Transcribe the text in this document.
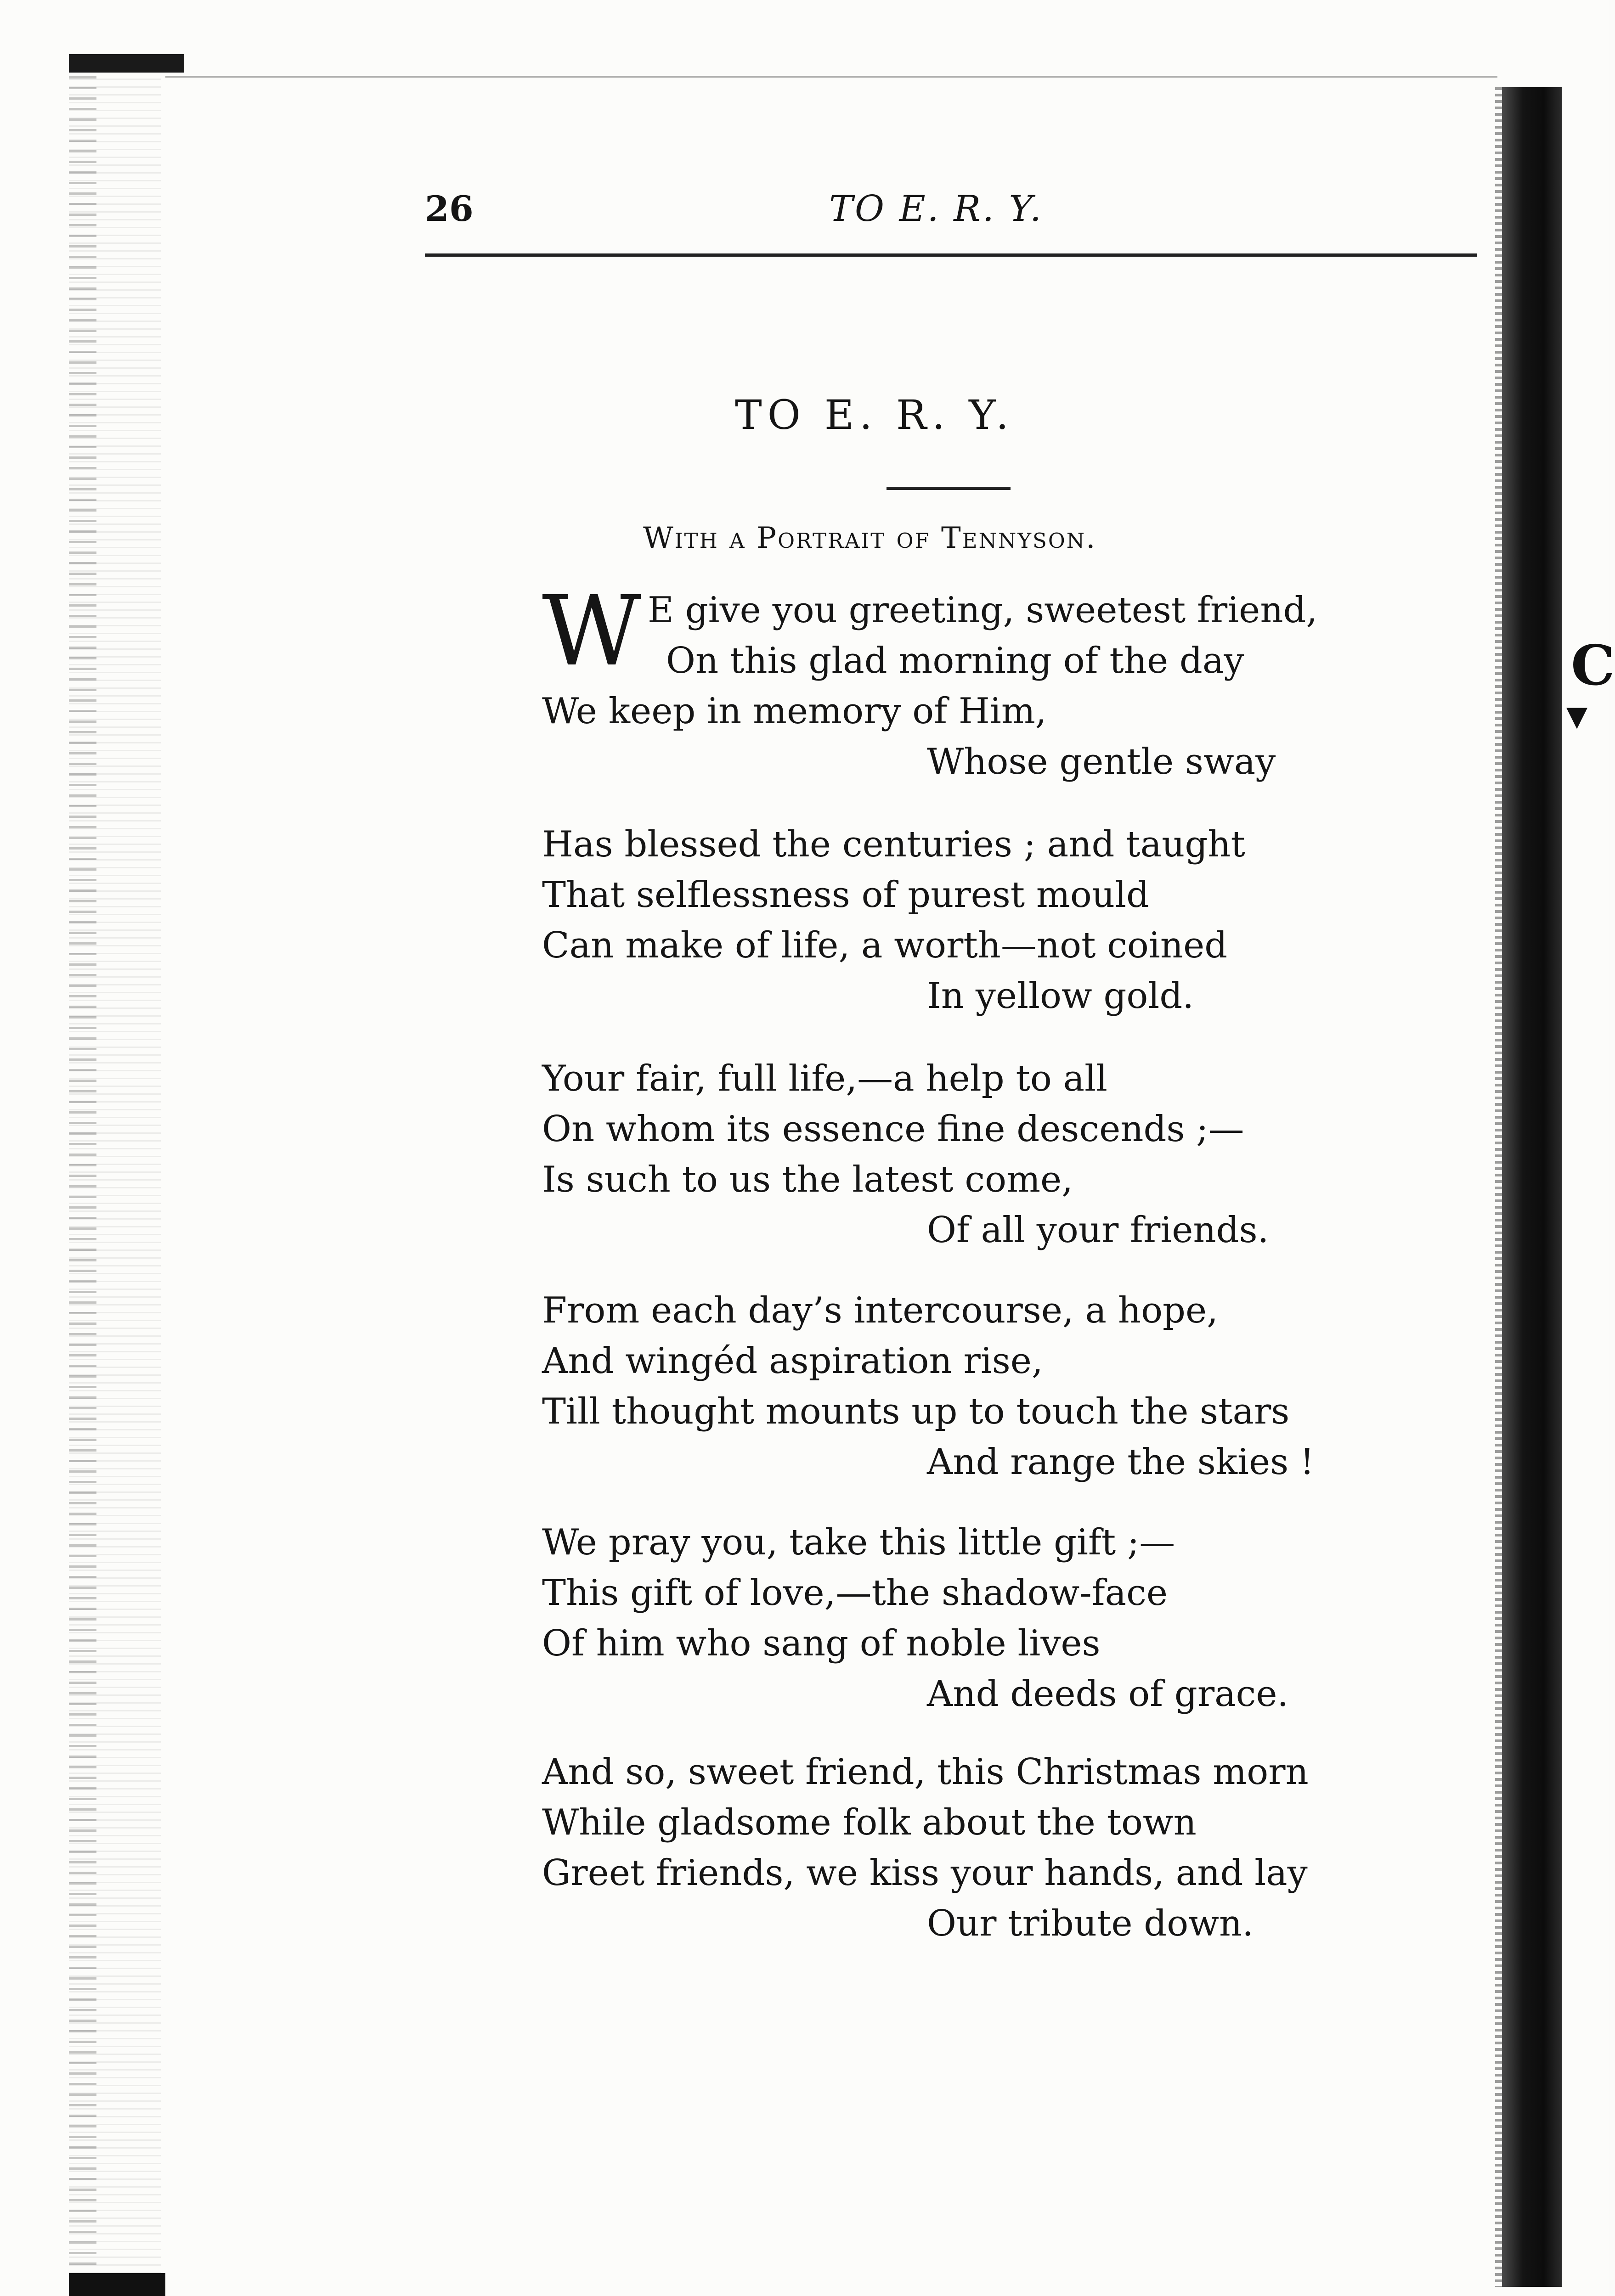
C
▼
26	TO E. R. Y.
TO E. R. Y.
With a Portrait of Tennyson.
W E give you greeting, sweetest friend,
On this glad morning of the day
We keep in memory of Him,
Whose gentle sway
Has blessed the centuries ; and taught
That selflessness of purest mould
Can make of life, a worth—not coined
In yellow gold.
Your fair, full life,—a help to all
On whom its essence fine descends ;—
Is such to us the latest come,
Of all your friends.
From each day’s intercourse, a hope,
And wingéd aspiration rise,
Till thought mounts up to touch the stars
And range the skies !
We pray you, take this little gift ;—
This gift of love,—the shadow-face
Of him who sang of noble lives
And deeds of grace.
And so, sweet friend, this Christmas morn
While gladsome folk about the town
Greet friends, we kiss your hands, and lay
Our tribute down.
